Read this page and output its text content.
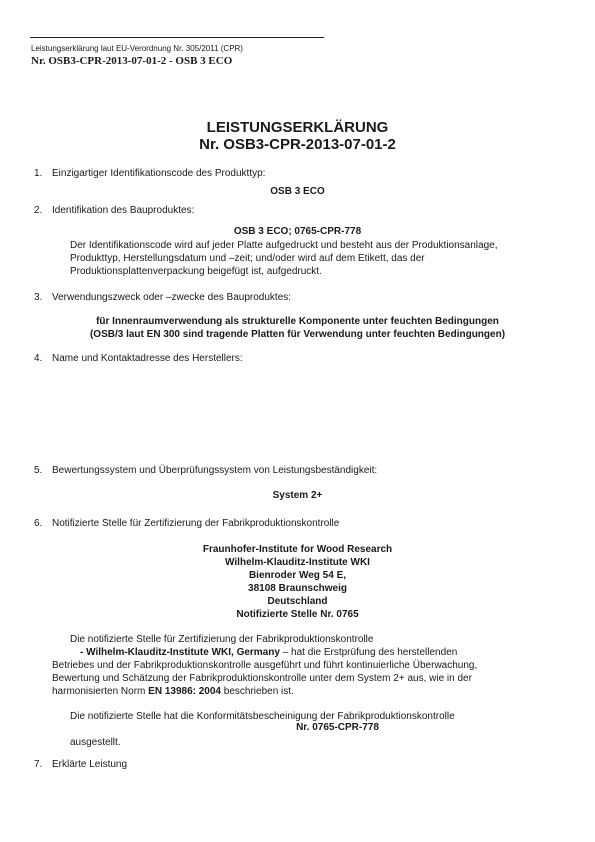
Leistungserklärung laut EU-Verordnung Nr. 305/2011 (CPR)
Nr. OSB3-CPR-2013-07-01-2 - OSB 3 ECO
LEISTUNGSERKLÄRUNG
Nr. OSB3-CPR-2013-07-01-2
1. Einzigartiger Identifikationscode des Produkttyp:
OSB 3 ECO
2. Identifikation des Bauproduktes:
OSB 3 ECO; 0765-CPR-778
Der Identifikationscode wird auf jeder Platte aufgedruckt und besteht aus der Produktionsanlage,
Produkttyp, Herstellungsdatum und –zeit; und/oder wird auf dem Etikett, das der
Produktionsplattenverpackung beigefügt ist, aufgedruckt.
3. Verwendungszweck oder –zwecke des Bauproduktes:
für Innenraumverwendung als strukturelle Komponente unter feuchten Bedingungen
(OSB/3 laut EN 300 sind tragende Platten für Verwendung unter feuchten Bedingungen)
4. Name und Kontaktadresse des Herstellers:
5. Bewertungssystem und Überprüfungssystem von Leistungsbeständigkeit:
System 2+
6. Notifizierte Stelle für Zertifizierung der Fabrikproduktionskontrolle
Fraunhofer-Institute for Wood Research
Wilhelm-Klauditz-Institute WKI
Bienroder Weg 54 E,
38108 Braunschweig
Deutschland
Notifizierte Stelle Nr. 0765
Die notifizierte Stelle für Zertifizierung der Fabrikproduktionskontrolle
- Wilhelm-Klauditz-Institute WKI, Germany – hat die Erstprüfung des herstellenden
Betriebes und der Fabrikproduktionskontrolle ausgeführt und führt kontinuierliche Überwachung,
Bewertung und Schätzung der Fabrikproduktionskontrolle unter dem System 2+ aus, wie in der
harmonisierten Norm EN 13986: 2004 beschrieben ist.
Die notifizierte Stelle hat die Konformitätsbescheinigung der Fabrikproduktionskontrolle
Nr. 0765-CPR-778
ausgestellt.
7. Erklärte Leistung
